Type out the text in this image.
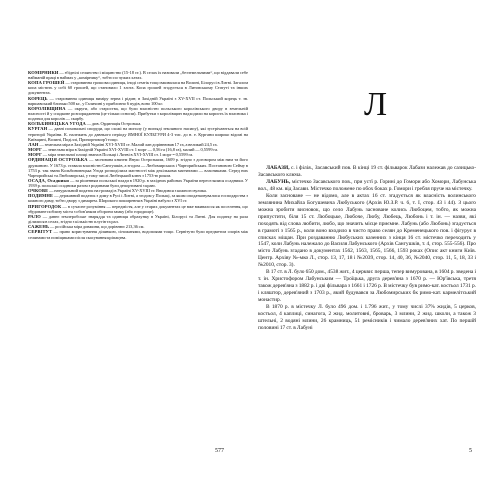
КОМІРНИКИ — збіднілі селянство і міщанство (15-18 ст.). В селах їх називали „безземельними“, що віддавали себе найманій праці в наймах у „комірнику“, тобто по чужих хатах.

КОПА ГРОШЕЙ — старовинна грошова одиниця, іноді семтік тощо вживалася на Волині, Білорусі в Литві. Загалом копа містить у собі 60 грошей, що становило 1 злота. Копа грошей згадується в Литовському Статуті та інших документах.

КОРЕЦЬ — старовинна одиниця виміру зерна і рідин; в Західній Україні з XV-XVII ст. Польський корець т. зв. варшавський близько 500 кг., у Галичині у приблизно 6 пудів, воно 100 кг.

КОРОЛІВЩИНА — округи, або староства, що були власністю польського королівського двору в земельній власності й у спадкове розпорядження (це тільки оснопи). Прибутки з королівщин надходили на користь їх власника і податки для королів — скарбу.

КОЛЬБИНЕЦЬКА УГОДА — див. Ординація Острозька.

КУРГАН — давні поховальні споруди, що схожі на могилу (у вигляді земляного насипу), які зустрічаються на всій території України. К. належить до давнього періоду ЯМНОЇ КУЛЬТУРИ 4-3 тис. до н. е. Кургани широко відомі на Київщині, Волині, Поділлі, Причорномор'ї тощо.

ЛАН — земельна міра в Західній Україні XVI-XVIII ст. Малий лан дорівнював 17 га, а великий 24,5 га.

МОРГ — земельна міра в Західній Україні XVI-XVIII ст. 1 морг — 0,56 га (16,8 га), малий — 0,5599 га.

МОРГ — міра земельної площі знана в Польщі і Литві в XVI-XVIII ст. 1 морг = 0,5599 га.

ОРДИНАЦІЯ ОСТРОЗЬКА — заснована князем Януш Острозьким, 1609 р. згідно з договором між ним та його дружиною. У 1673 р. ставала власністю Сангушків, а згодом — Любомирських і Чарторийських. Постановою Сейму в 1753 р. так звана Кольбиновецька Угода розподілила маєтності між декількома магнатами — власниками. Серед них Чарторийські та Любомирські, у тому числі Любецький ключ з 1753-ю роком.

ОСАДА, Осадники — за рішенням польської влади в 1920 р. в західних районах України переселялися осадники. У 1939 р. польські осадники разом з родинами були депортовані з краю.

ОЧКОВЕ — натуральний податок на громаді в Україні XV-XVIII ст. Вводився з кожного вулика.

ПОДИМНЕ — державний податок з диму в Русі і Литві, а згодом у Польщі, за яким оподатковувалися господарства з кожного диму, тобто двору з димарем. Широкого поширення в Україні набуло з XVI ст.

ПРИГОРОДОК — в сучасне розуміння — передмістя, але у старих документах це вже вживалося як поселення, що збудоване поблизу міста з обов'язком оборони замку (або городище).

РАЛО — давнє землеробське знаряддя та одиниця обрахунку в Україні, Білорусі та Литві. Для податку на рала ділилися в селах, згідно з кількістю плугів та рал.

САЖЕНЬ — російська міра довжини, що дорівнює 213,36 см.

СЕРВІТУТ — право користування ділянкою, сіножатями, водопоями тощо. Сервітути були предметом спорів між селянами та поміщиками після скасування кріпацтва.

577
Л

ЛАБАЗИ, с. і філія., Засавський пов. В кінці 19 ст. фільварок Лабази належав до сазицько-Засавського ключа.

ЛАБУНЬ, містечко Засавського пов., при устї р. Горині до Гомори або Хомори, Лабунська вол., 48 км. від Засави. Містечко положене по обох боках р. Гомори і гребля пруче на містечку.

Коли засноване — не відомо, але в актах 16 ст. згадується як власність волинського землянина Михайла Богушевича Любуського (Архів Ю.З.Р. ч. 6, т. І, стор. 43 і 44). З цього можна зробити висновок, що село Лабунь засноване колись Любоцем, тобто, як можна припустити, біля 15 ст. Любоцьке, Любоче, Любу, Любець, Любонь і т. ін. — назви, які походять від слова любити, любо, що значить місце приємне. Лабунь (або Любонь) згадується в грамоті з 1565 р., коли воно входило в чисто право селян до Кременецького пов. і фігурує в списках міщан. При роздаванню Любуських казенних з кінця 16 ст. містечко переходить у 1547, коли Лабунь належало до Василя Лабунського (Архів Сангушків, т. 4, стор. 555-556). Про місто Лабунь згадано в документах 1562, 1563, 1565, 1566, 1593 роках (Опис акт книги Київ. Центр. Архіву №-мко Л., стор. 13, 17, 18 і №2039, стор. 14, 40, 36, №2040, стор. 11, 5, 18, 33 і №2010, стор. 3).

В 17 ст. в Л. було 650 дом., 4538 жит., 4 церкви: перша, тепер вимурована, в 1604 р. зведена і т. ін. Христофором Лабунським — Троїцька, друга дерев'яна з 1670 р. — Юр'ївська, третя також дерев'яна з 1882 р. і дві фільвара з 1661 і 1726 р. В містечку був римо-кат. костьол 1731 р. і кляштор, дерев'яний з 1703 р., який будувався за Любомирських бк римо-кат. кармелітський монастир.

В 1870 р. в містечку Л. було 496 дом. і 1.796 жит., у тому числі 37% жидів, 5 церков, костьол, 4 каплиці, синагога, 2 жид. молитовні, броварь, 3 млини, 2 жид. школи, а також 3 штельні, 2 водяні млини, 26 крамниць, 51 ремісників і чимало дерев'яних хат. По першій половині 17 ст. в Лабуні

5
